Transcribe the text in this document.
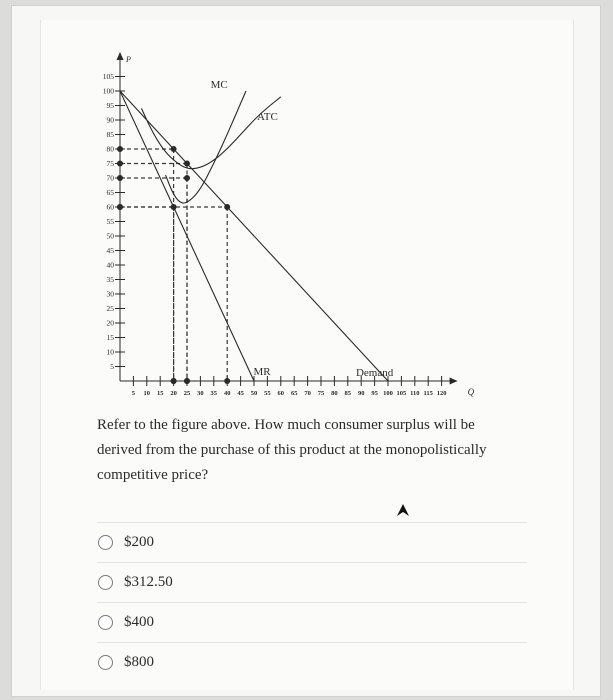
P
Q
5
10
15
20
25
30
35
40
45
50
55
60
65
70
75
80
85
90
95
100
105
5 10 15 20 25 30 35 40 45 50 55 60 65 70 75 80 85 90 95 100 105 110 115 120
Demand
MR
MC
ATC
Refer to the figure above. How much consumer surplus will be derived from the purchase of this product at the monopolistically competitive price?
$200
$312.50
$400
$800
